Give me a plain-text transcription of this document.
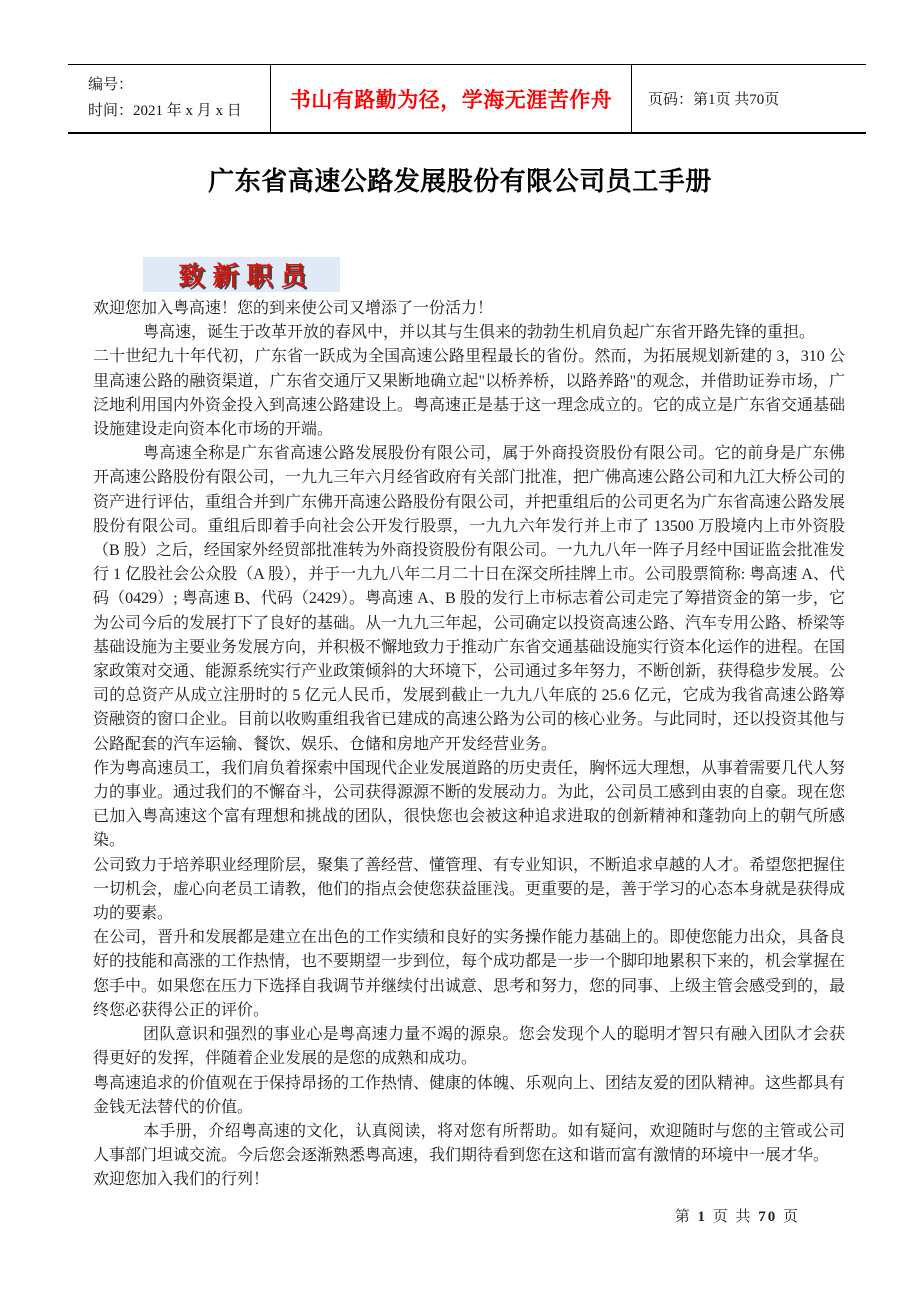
编号：
时间：2021 年 x 月 x 日	书山有路勤为径，学海无涯苦作舟 页码：第1页 共70页
广东省高速公路发展股份有限公司员工手册
致新职员

欢迎您加入粤高速！您的到来使公司又增添了一份活力！

粤高速，诞生于改革开放的春风中，并以其与生俱来的勃勃生机肩负起广东省开路先锋的重担。

二十世纪九十年代初，广东省一跃成为全国高速公路里程最长的省份。然而，为拓展规划新建的 3，310 公里高速公路的融资渠道，广东省交通厅又果断地确立起"以桥养桥，以路养路"的观念，并借助证券市场，广泛地利用国内外资金投入到高速公路建设上。粤高速正是基于这一理念成立的。它的成立是广东省交通基础设施建设走向资本化市场的开端。

粤高速全称是广东省高速公路发展股份有限公司，属于外商投资股份有限公司。它的前身是广东佛开高速公路股份有限公司，一九九三年六月经省政府有关部门批准，把广佛高速公路公司和九江大桥公司的资产进行评估，重组合并到广东佛开高速公路股份有限公司，并把重组后的公司更名为广东省高速公路发展股份有限公司。重组后即着手向社会公开发行股票，一九九六年发行并上市了 13500 万股境内上市外资股（B 股）之后，经国家外经贸部批准转为外商投资股份有限公司。一九九八年一阵子月经中国证监会批准发行 1 亿股社会公众股（A 股），并于一九九八年二月二十日在深交所挂牌上市。公司股票简称: 粤高速 A、代码（0429）; 粤高速 B、代码（2429）。粤高速 A、B 股的发行上市标志着公司走完了筹措资金的第一步，它为公司今后的发展打下了良好的基础。从一九九三年起，公司确定以投资高速公路、汽车专用公路、桥梁等基础设施为主要业务发展方向，并积极不懈地致力于推动广东省交通基础设施实行资本化运作的进程。在国家政策对交通、能源系统实行产业政策倾斜的大环境下，公司通过多年努力，不断创新，获得稳步发展。公司的总资产从成立注册时的 5 亿元人民币，发展到截止一九九八年底的 25.6 亿元，它成为我省高速公路筹资融资的窗口企业。目前以收购重组我省已建成的高速公路为公司的核心业务。与此同时，还以投资其他与公路配套的汽车运输、餐饮、娱乐、仓储和房地产开发经营业务。

作为粤高速员工，我们肩负着探索中国现代企业发展道路的历史责任，胸怀远大理想，从事着需要几代人努力的事业。通过我们的不懈奋斗，公司获得源源不断的发展动力。为此，公司员工感到由衷的自豪。现在您已加入粤高速这个富有理想和挑战的团队，很快您也会被这种追求进取的创新精神和蓬勃向上的朝气所感染。

公司致力于培养职业经理阶层，聚集了善经营、懂管理、有专业知识，不断追求卓越的人才。希望您把握住一切机会，虚心向老员工请教，他们的指点会使您获益匪浅。更重要的是，善于学习的心态本身就是获得成功的要素。

在公司，晋升和发展都是建立在出色的工作实绩和良好的实务操作能力基础上的。即使您能力出众，具备良好的技能和高涨的工作热情，也不要期望一步到位，每个成功都是一步一个脚印地累积下来的，机会掌握在您手中。如果您在压力下选择自我调节并继续付出诚意、思考和努力，您的同事、上级主管会感受到的，最终您必获得公正的评价。

团队意识和强烈的事业心是粤高速力量不竭的源泉。您会发现个人的聪明才智只有融入团队才会获得更好的发挥，伴随着企业发展的是您的成熟和成功。

粤高速追求的价值观在于保持昂扬的工作热情、健康的体魄、乐观向上、团结友爱的团队精神。这些都具有金钱无法替代的价值。

本手册，介绍粤高速的文化，认真阅读，将对您有所帮助。如有疑问，欢迎随时与您的主管或公司人事部门坦诚交流。今后您会逐渐熟悉粤高速，我们期待看到您在这和谐而富有激情的环境中一展才华。

欢迎您加入我们的行列！

第 1 页 共 70 页
